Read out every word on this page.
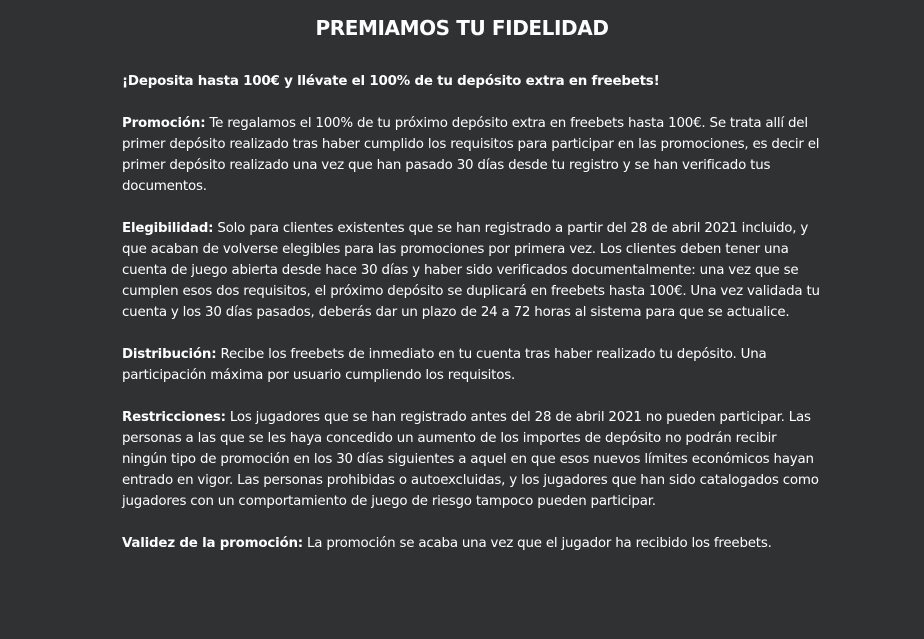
PREMIAMOS TU FIDELIDAD

¡Deposita hasta 100€ y llévate el 100% de tu depósito extra en freebets!

Promoción: Te regalamos el 100% de tu próximo depósito extra en freebets hasta 100€. Se trata allí del primer depósito realizado tras haber cumplido los requisitos para participar en las promociones, es decir el primer depósito realizado una vez que han pasado 30 días desde tu registro y se han verificado tus documentos.

Elegibilidad: Solo para clientes existentes que se han registrado a partir del 28 de abril 2021 incluido, y que acaban de volverse elegibles para las promociones por primera vez. Los clientes deben tener una cuenta de juego abierta desde hace 30 días y haber sido verificados documentalmente: una vez que se cumplen esos dos requisitos, el próximo depósito se duplicará en freebets hasta 100€. Una vez validada tu cuenta y los 30 días pasados, deberás dar un plazo de 24 a 72 horas al sistema para que se actualice.

Distribución: Recibe los freebets de inmediato en tu cuenta tras haber realizado tu depósito. Una participación máxima por usuario cumpliendo los requisitos.

Restricciones: Los jugadores que se han registrado antes del 28 de abril 2021 no pueden participar. Las personas a las que se les haya concedido un aumento de los importes de depósito no podrán recibir ningún tipo de promoción en los 30 días siguientes a aquel en que esos nuevos límites económicos hayan entrado en vigor. Las personas prohibidas o autoexcluidas, y los jugadores que han sido catalogados como jugadores con un comportamiento de juego de riesgo tampoco pueden participar.

Validez de la promoción: La promoción se acaba una vez que el jugador ha recibido los freebets.
